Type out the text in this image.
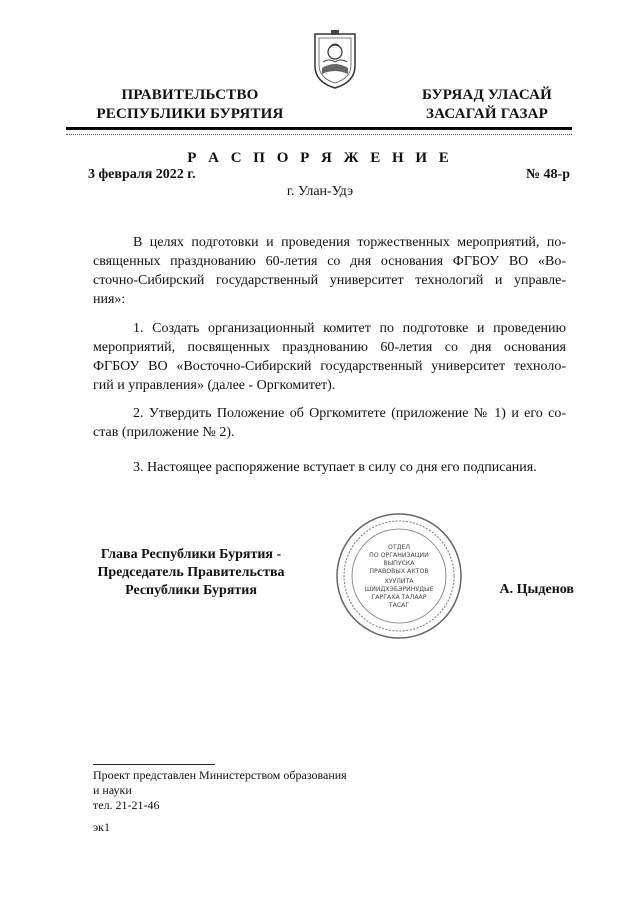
ПРАВИТЕЛЬСТВО
РЕСПУБЛИКИ БУРЯТИЯ
БУРЯАД УЛАСАЙ
ЗАСАГАЙ ГАЗАР
Р А С П О Р Я Ж Е Н И Е
3 февраля 2022 г.	№ 48-р
г. Улан-Удэ
В целях подготовки и проведения торжественных мероприятий, по-
священных празднованию 60-летия со дня основания ФГБОУ ВО «Во-
сточно-Сибирский государственный университет технологий и управле-
ния»:
1. Создать организационный комитет по подготовке и проведению
мероприятий, посвященных празднованию 60-летия со дня основания
ФГБОУ ВО «Восточно-Сибирский государственный университет техноло-
гий и управления» (далее - Оргкомитет).
2. Утвердить Положение об Оргкомитете (приложение № 1) и его со-
став (приложение № 2).
3. Настоящее распоряжение вступает в силу со дня его подписания.
Глава Республики Бурятия -
Председатель Правительства
Республики Бурятия	А. Цыденов
ОТДЕЛ
ПО ОРГАНИЗАЦИИ
ВЫПУСКА
ПРАВОВЫХ АКТОВ
ХУУЛИТА
ШИИДХЭБЭРИНУДЫЕ
ГАРГАХА ТАЛААР
ТАСАГ
Проект представлен Министерством образования
и науки
тел. 21-21-46
эк1
